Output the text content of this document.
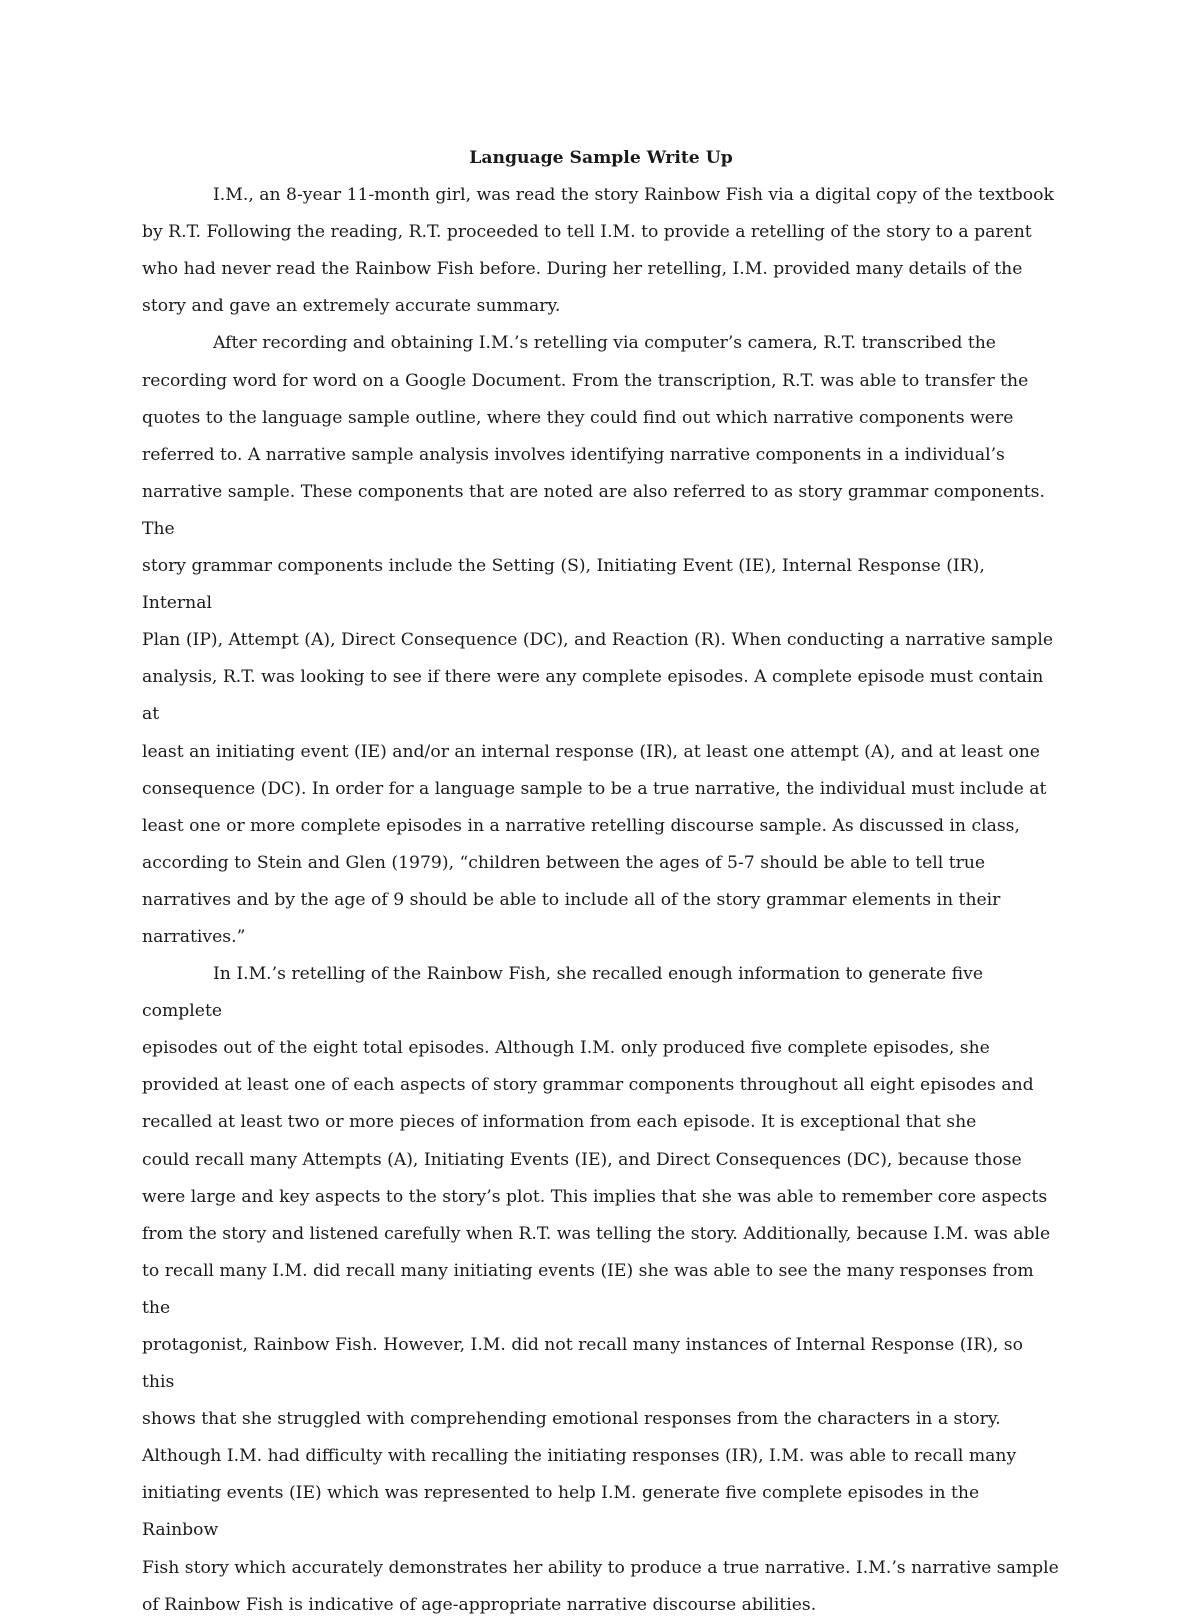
Language Sample Write Up

I.M., an 8-year 11-month girl, was read the story Rainbow Fish via a digital copy of the textbook
by R.T. Following the reading, R.T. proceeded to tell I.M. to provide a retelling of the story to a parent
who had never read the Rainbow Fish before. During her retelling, I.M. provided many details of the
story and gave an extremely accurate summary.

After recording and obtaining I.M.’s retelling via computer’s camera, R.T. transcribed the
recording word for word on a Google Document. From the transcription, R.T. was able to transfer the
quotes to the language sample outline, where they could find out which narrative components were
referred to. A narrative sample analysis involves identifying narrative components in a individual’s
narrative sample. These components that are noted are also referred to as story grammar components. The
story grammar components include the Setting (S), Initiating Event (IE), Internal Response (IR), Internal
Plan (IP), Attempt (A), Direct Consequence (DC), and Reaction (R). When conducting a narrative sample
analysis, R.T. was looking to see if there were any complete episodes. A complete episode must contain at
least an initiating event (IE) and/or an internal response (IR), at least one attempt (A), and at least one
consequence (DC). In order for a language sample to be a true narrative, the individual must include at
least one or more complete episodes in a narrative retelling discourse sample. As discussed in class,
according to Stein and Glen (1979), “children between the ages of 5-7 should be able to tell true
narratives and by the age of 9 should be able to include all of the story grammar elements in their
narratives.”

In I.M.’s retelling of the Rainbow Fish, she recalled enough information to generate five complete
episodes out of the eight total episodes. Although I.M. only produced five complete episodes, she
provided at least one of each aspects of story grammar components throughout all eight episodes and
recalled at least two or more pieces of information from each episode. It is exceptional that she
could recall many Attempts (A), Initiating Events (IE), and Direct Consequences (DC), because those
were large and key aspects to the story’s plot. This implies that she was able to remember core aspects
from the story and listened carefully when R.T. was telling the story. Additionally, because I.M. was able
to recall many I.M. did recall many initiating events (IE) she was able to see the many responses from the
protagonist, Rainbow Fish. However, I.M. did not recall many instances of Internal Response (IR), so this
shows that she struggled with comprehending emotional responses from the characters in a story.
Although I.M. had difficulty with recalling the initiating responses (IR), I.M. was able to recall many
initiating events (IE) which was represented to help I.M. generate five complete episodes in the Rainbow
Fish story which accurately demonstrates her ability to produce a true narrative. I.M.’s narrative sample
of Rainbow Fish is indicative of age-appropriate narrative discourse abilities.
